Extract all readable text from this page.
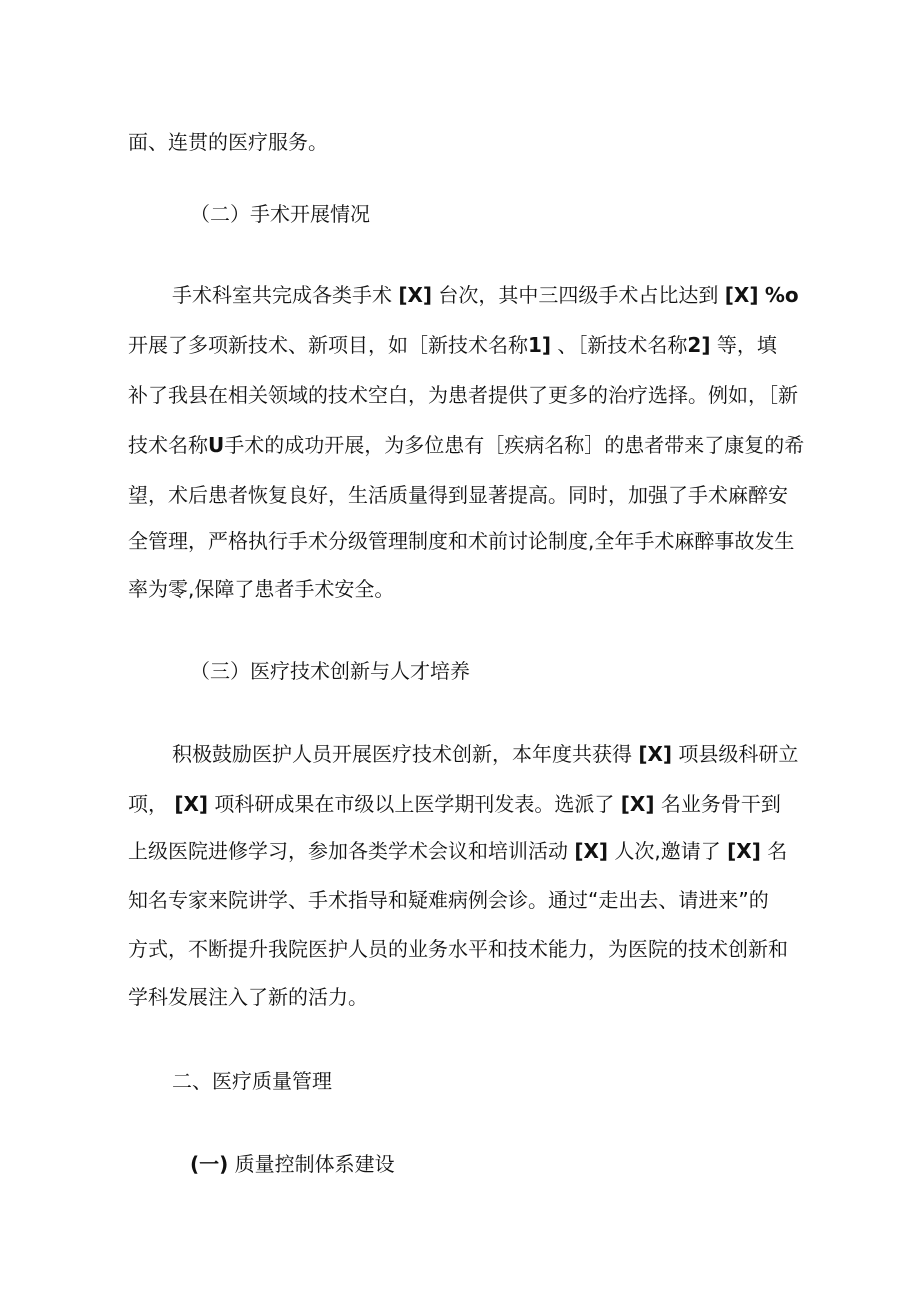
面、连贯的医疗服务。
（二）手术开展情况
手术科室共完成各类手术 [X] 台次，其中三四级手术占比达到 [X] %o
开展了多项新技术、新项目，如［新技术名称1] 、［新技术名称2] 等，填
补了我县在相关领域的技术空白，为患者提供了更多的治疗选择。例如，［新
技术名称U手术的成功开展，为多位患有［疾病名称］的患者带来了康复的希
望，术后患者恢复良好，生活质量得到显著提高。同时，加强了手术麻醉安
全管理，严格执行手术分级管理制度和术前讨论制度,全年手术麻醉事故发生
率为零,保障了患者手术安全。
（三）医疗技术创新与人才培养
积极鼓励医护人员开展医疗技术创新，本年度共获得 [X] 项县级科研立
项， [X] 项科研成果在市级以上医学期刊发表。选派了 [X] 名业务骨干到
上级医院进修学习，参加各类学术会议和培训活动 [X] 人次,邀请了 [X] 名
知名专家来院讲学、手术指导和疑难病例会诊。通过“走出去、请进来”的
方式，不断提升我院医护人员的业务水平和技术能力，为医院的技术创新和
学科发展注入了新的活力。
二、医疗质量管理
(一) 质量控制体系建设
